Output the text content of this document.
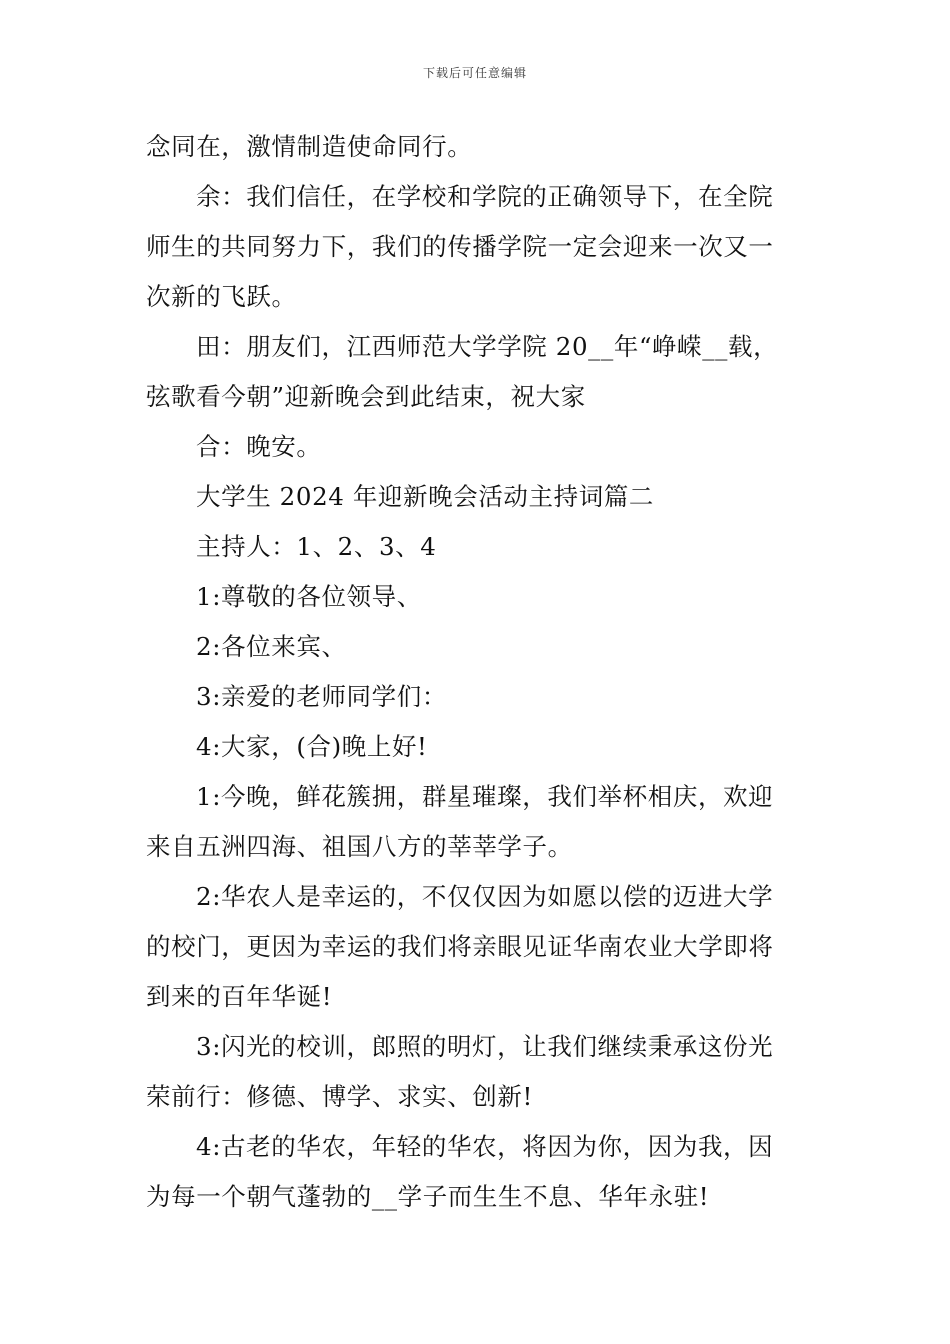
下载后可任意编辑
念同在，激情制造使命同行。
余：我们信任，在学校和学院的正确领导下，在全院
师生的共同努力下，我们的传播学院一定会迎来一次又一
次新的飞跃。
田：朋友们，江西师范大学学院 20__年“峥嵘__载，
弦歌看今朝”迎新晚会到此结束，祝大家
合：晚安。
大学生 2024 年迎新晚会活动主持词篇二
主持人：1、2、3、4
1:尊敬的各位领导、
2:各位来宾、
3:亲爱的老师同学们：
4:大家，(合)晚上好!
1:今晚，鲜花簇拥，群星璀璨，我们举杯相庆，欢迎
来自五洲四海、祖国八方的莘莘学子。
2:华农人是幸运的，不仅仅因为如愿以偿的迈进大学
的校门，更因为幸运的我们将亲眼见证华南农业大学即将
到来的百年华诞!
3:闪光的校训，郎照的明灯，让我们继续秉承这份光
荣前行：修德、博学、求实、创新!
4:古老的华农，年轻的华农，将因为你，因为我，因
为每一个朝气蓬勃的__学子而生生不息、华年永驻!
